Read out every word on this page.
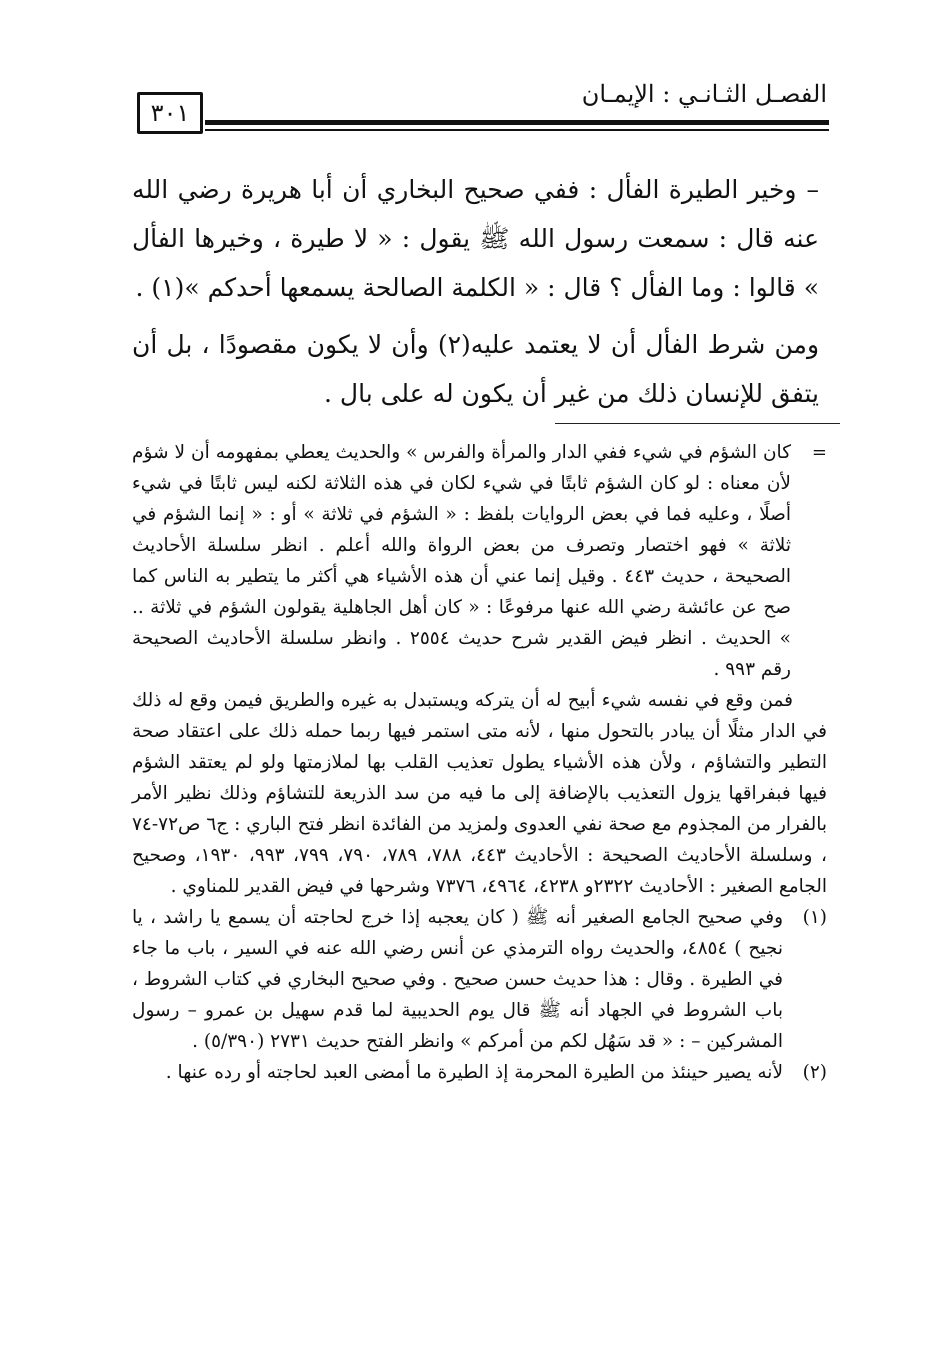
الفصـل الثـانـي : الإيمـان
٣٠١

–وخير الطيرة الفأل : ففي صحيح البخاري أن أبا هريرة رضي الله عنه قال : سمعت رسول الله ﷺ يقول : « لا طيرة ، وخيرها الفأل » قالوا : وما الفأل ؟ قال : « الكلمة الصالحة يسمعها أحدكم »(١) .

ومن شرط الفأل أن لا يعتمد عليه(٢) وأن لا يكون مقصودًا ، بل أن يتفق للإنسان ذلك من غير أن يكون له على بال .

=
كان الشؤم في شيء ففي الدار والمرأة والفرس » والحديث يعطي بمفهومه أن لا شؤم لأن معناه : لو كان الشؤم ثابتًا في شيء لكان في هذه الثلاثة لكنه ليس ثابتًا في شيء أصلًا ، وعليه فما في بعض الروايات بلفظ : « الشؤم في ثلاثة » أو : « إنما الشؤم في ثلاثة » فهو اختصار وتصرف من بعض الرواة والله أعلم . انظر سلسلة الأحاديث الصحيحة ، حديث ٤٤٣ . وقيل إنما عني أن هذه الأشياء هي أكثر ما يتطير به الناس كما صح عن عائشة رضي الله عنها مرفوعًا : « كان أهل الجاهلية يقولون الشؤم في ثلاثة .. » الحديث . انظر فيض القدير شرح حديث ٢٥٥٤ . وانظر سلسلة الأحاديث الصحيحة رقم ٩٩٣ .

فمن وقع في نفسه شيء أبيح له أن يتركه ويستبدل به غيره والطريق فيمن وقع له ذلك في الدار مثلًا أن يبادر بالتحول منها ، لأنه متى استمر فيها ربما حمله ذلك على اعتقاد صحة التطير والتشاؤم ، ولأن هذه الأشياء يطول تعذيب القلب بها لملازمتها ولو لم يعتقد الشؤم فيها فبفراقها يزول التعذيب بالإضافة إلى ما فيه من سد الذريعة للتشاؤم وذلك نظير الأمر بالفرار من المجذوم مع صحة نفي العدوى ولمزيد من الفائدة انظر فتح الباري : ج٦ ص٧٢-٧٤ ، وسلسلة الأحاديث الصحيحة : الأحاديث ٤٤٣، ٧٨٨، ٧٨٩، ٧٩٠، ٧٩٩، ٩٩٣، ١٩٣٠، وصحيح الجامع الصغير : الأحاديث ٢٣٢٢و ٤٢٣٨، ٤٩٦٤، ٧٣٧٦ وشرحها في فيض القدير للمناوي .

(١)
وفي صحيح الجامع الصغير أنه ﷺ ( كان يعجبه إذا خرج لحاجته أن يسمع يا راشد ، يا نجيح ) ٤٨٥٤، والحديث رواه الترمذي عن أنس رضي الله عنه في السير ، باب ما جاء في الطيرة . وقال : هذا حديث حسن صحيح . وفي صحيح البخاري في كتاب الشروط ، باب الشروط في الجهاد أنه ﷺ قال يوم الحديبية لما قدم سهيل بن عمرو – رسول المشركين – : « قد سَهُل لكم من أمركم » وانظر الفتح حديث ٢٧٣١ (٥/٣٩٠) .

(٢)
لأنه يصير حينئذ من الطيرة المحرمة إذ الطيرة ما أمضى العبد لحاجته أو رده عنها .
